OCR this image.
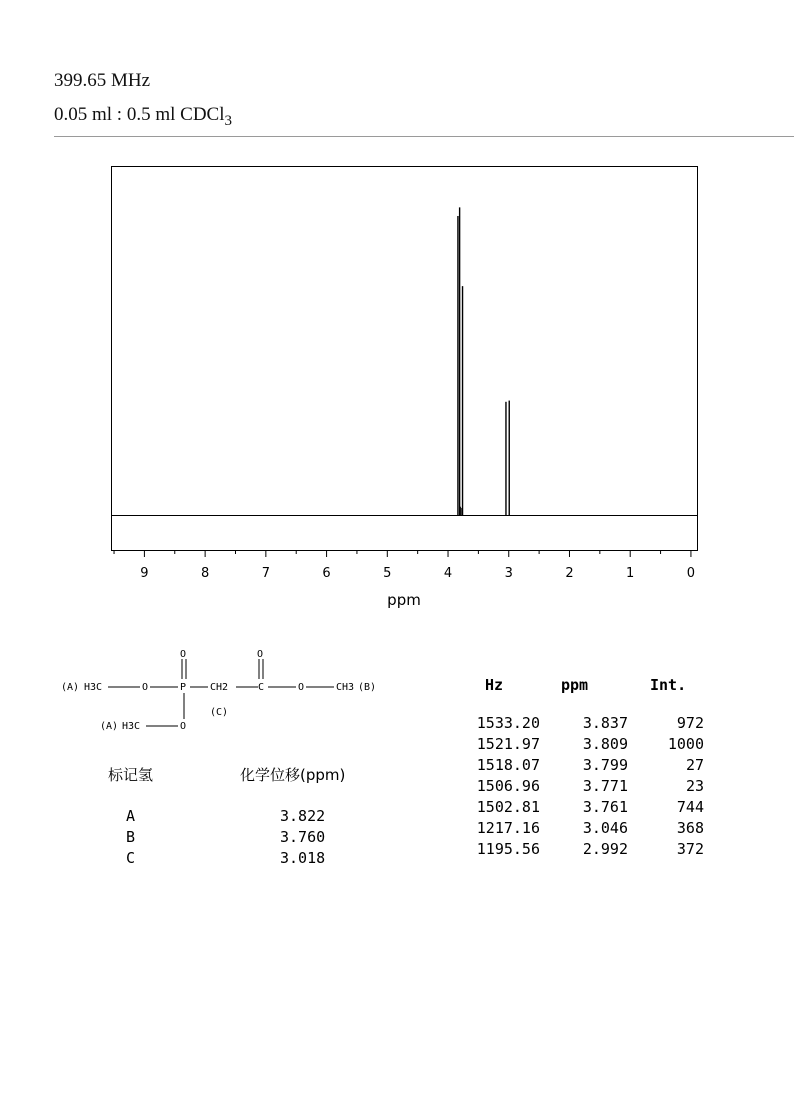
399.65 MHz
0.05 ml : 0.5 ml CDCl$_3$
9	8	7	6	5	4	3	2	1	0
ppm
(A) H3C	O	P
O
CH2
(C)
C
O
O	CH3 (B)
(A) H3C	O
标记氢	化学位移(ppm)
A	3.822
B	3.760
C	3.018
Hz	ppm	Int.
1533.20	3.837	972
1521.97	3.809	1000
1518.07	3.799	27
1506.96	3.771	23
1502.81	3.761	744
1217.16	3.046	368
1195.56	2.992	372
